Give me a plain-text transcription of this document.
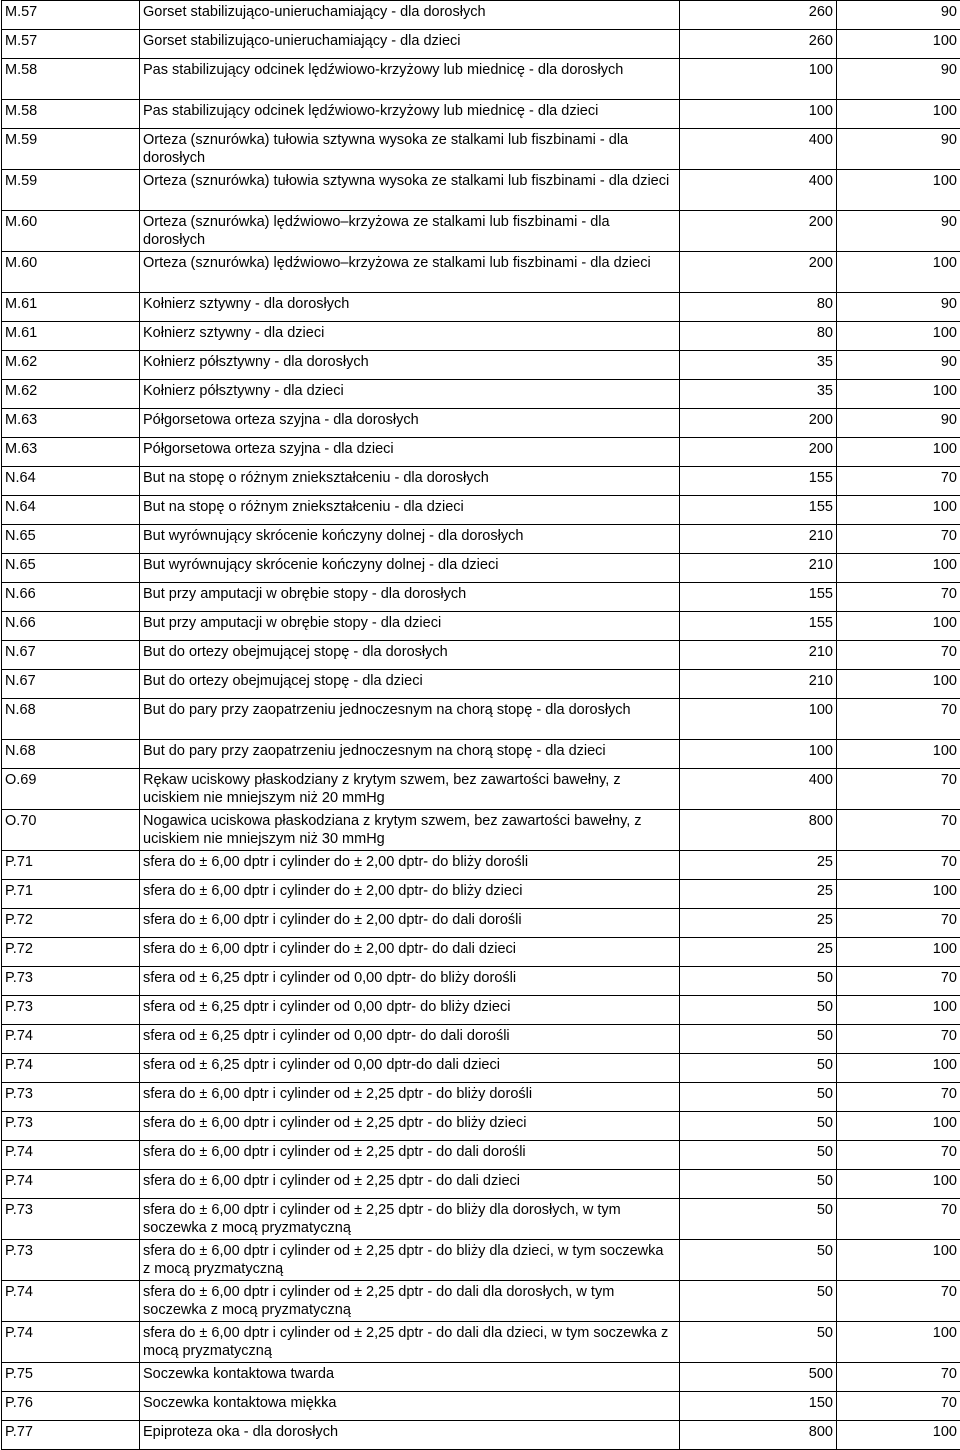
M.57	Gorset stabilizująco-unieruchamiający - dla dorosłych	260	90
M.57	Gorset stabilizująco-unieruchamiający - dla dzieci	260	100
M.58	Pas stabilizujący odcinek lędźwiowo-krzyżowy lub miednicę - dla dorosłych	100	90
M.58	Pas stabilizujący odcinek lędźwiowo-krzyżowy lub miednicę - dla dzieci	100	100
M.59	Orteza (sznurówka) tułowia sztywna wysoka ze stalkami lub fiszbinami - dla dorosłych	400	90
M.59	Orteza (sznurówka) tułowia sztywna wysoka ze stalkami lub fiszbinami - dla dzieci	400	100
M.60	Orteza (sznurówka) lędźwiowo–krzyżowa ze stalkami lub fiszbinami - dla dorosłych	200	90
M.60	Orteza (sznurówka) lędźwiowo–krzyżowa ze stalkami lub fiszbinami - dla dzieci	200	100
M.61	Kołnierz sztywny - dla dorosłych	80	90
M.61	Kołnierz sztywny - dla dzieci	80	100
M.62	Kołnierz półsztywny - dla dorosłych	35	90
M.62	Kołnierz półsztywny - dla dzieci	35	100
M.63	Półgorsetowa orteza szyjna - dla dorosłych	200	90
M.63	Półgorsetowa orteza szyjna - dla dzieci	200	100
N.64	But na stopę o różnym zniekształceniu - dla dorosłych	155	70
N.64	But na stopę o różnym zniekształceniu - dla dzieci	155	100
N.65	But wyrównujący skrócenie kończyny dolnej - dla dorosłych	210	70
N.65	But wyrównujący skrócenie kończyny dolnej - dla dzieci	210	100
N.66	But przy amputacji w obrębie stopy - dla dorosłych	155	70
N.66	But przy amputacji w obrębie stopy - dla dzieci	155	100
N.67	But do ortezy obejmującej stopę - dla dorosłych	210	70
N.67	But do ortezy obejmującej stopę - dla dzieci	210	100
N.68	But do pary przy zaopatrzeniu jednoczesnym na chorą stopę - dla dorosłych	100	70
N.68	But do pary przy zaopatrzeniu jednoczesnym na chorą stopę - dla dzieci	100	100
O.69	Rękaw uciskowy płaskodziany z krytym szwem, bez zawartości bawełny, z uciskiem nie mniejszym niż 20 mmHg	400	70
O.70	Nogawica uciskowa płaskodziana z krytym szwem, bez zawartości bawełny, z uciskiem nie mniejszym niż 30 mmHg	800	70
P.71	sfera do ± 6,00 dptr i cylinder do ± 2,00 dptr- do bliży dorośli	25	70
P.71	sfera do ± 6,00 dptr i cylinder do ± 2,00 dptr- do bliży dzieci	25	100
P.72	sfera do ± 6,00 dptr i cylinder do ± 2,00 dptr- do dali dorośli	25	70
P.72	sfera do ± 6,00 dptr i cylinder do ± 2,00 dptr- do dali dzieci	25	100
P.73	sfera od ± 6,25 dptr i cylinder od 0,00 dptr- do bliży dorośli	50	70
P.73	sfera od ± 6,25 dptr i cylinder od 0,00 dptr- do bliży dzieci	50	100
P.74	sfera od ± 6,25 dptr i cylinder od 0,00 dptr- do dali dorośli	50	70
P.74	sfera od ± 6,25 dptr i cylinder od 0,00 dptr-do dali dzieci	50	100
P.73	sfera do ± 6,00 dptr i cylinder od ± 2,25 dptr - do bliży dorośli	50	70
P.73	sfera do ± 6,00 dptr i cylinder od ± 2,25 dptr - do bliży dzieci	50	100
P.74	sfera do ± 6,00 dptr i cylinder od ± 2,25 dptr - do dali dorośli	50	70
P.74	sfera do ± 6,00 dptr i cylinder od ± 2,25 dptr - do dali dzieci	50	100
P.73	sfera do ± 6,00 dptr i cylinder od ± 2,25 dptr - do bliży dla dorosłych, w tym soczewka z mocą pryzmatyczną	50	70
P.73	sfera do ± 6,00 dptr i cylinder od ± 2,25 dptr - do bliży dla dzieci, w tym soczewka z mocą pryzmatyczną	50	100
P.74	sfera do ± 6,00 dptr i cylinder od ± 2,25 dptr - do dali dla dorosłych, w tym soczewka z mocą pryzmatyczną	50	70
P.74	sfera do ± 6,00 dptr i cylinder od ± 2,25 dptr - do dali dla dzieci, w tym soczewka z mocą pryzmatyczną	50	100
P.75	Soczewka kontaktowa twarda	500	70
P.76	Soczewka kontaktowa miękka	150	70
P.77	Epiproteza oka - dla dorosłych	800	100
